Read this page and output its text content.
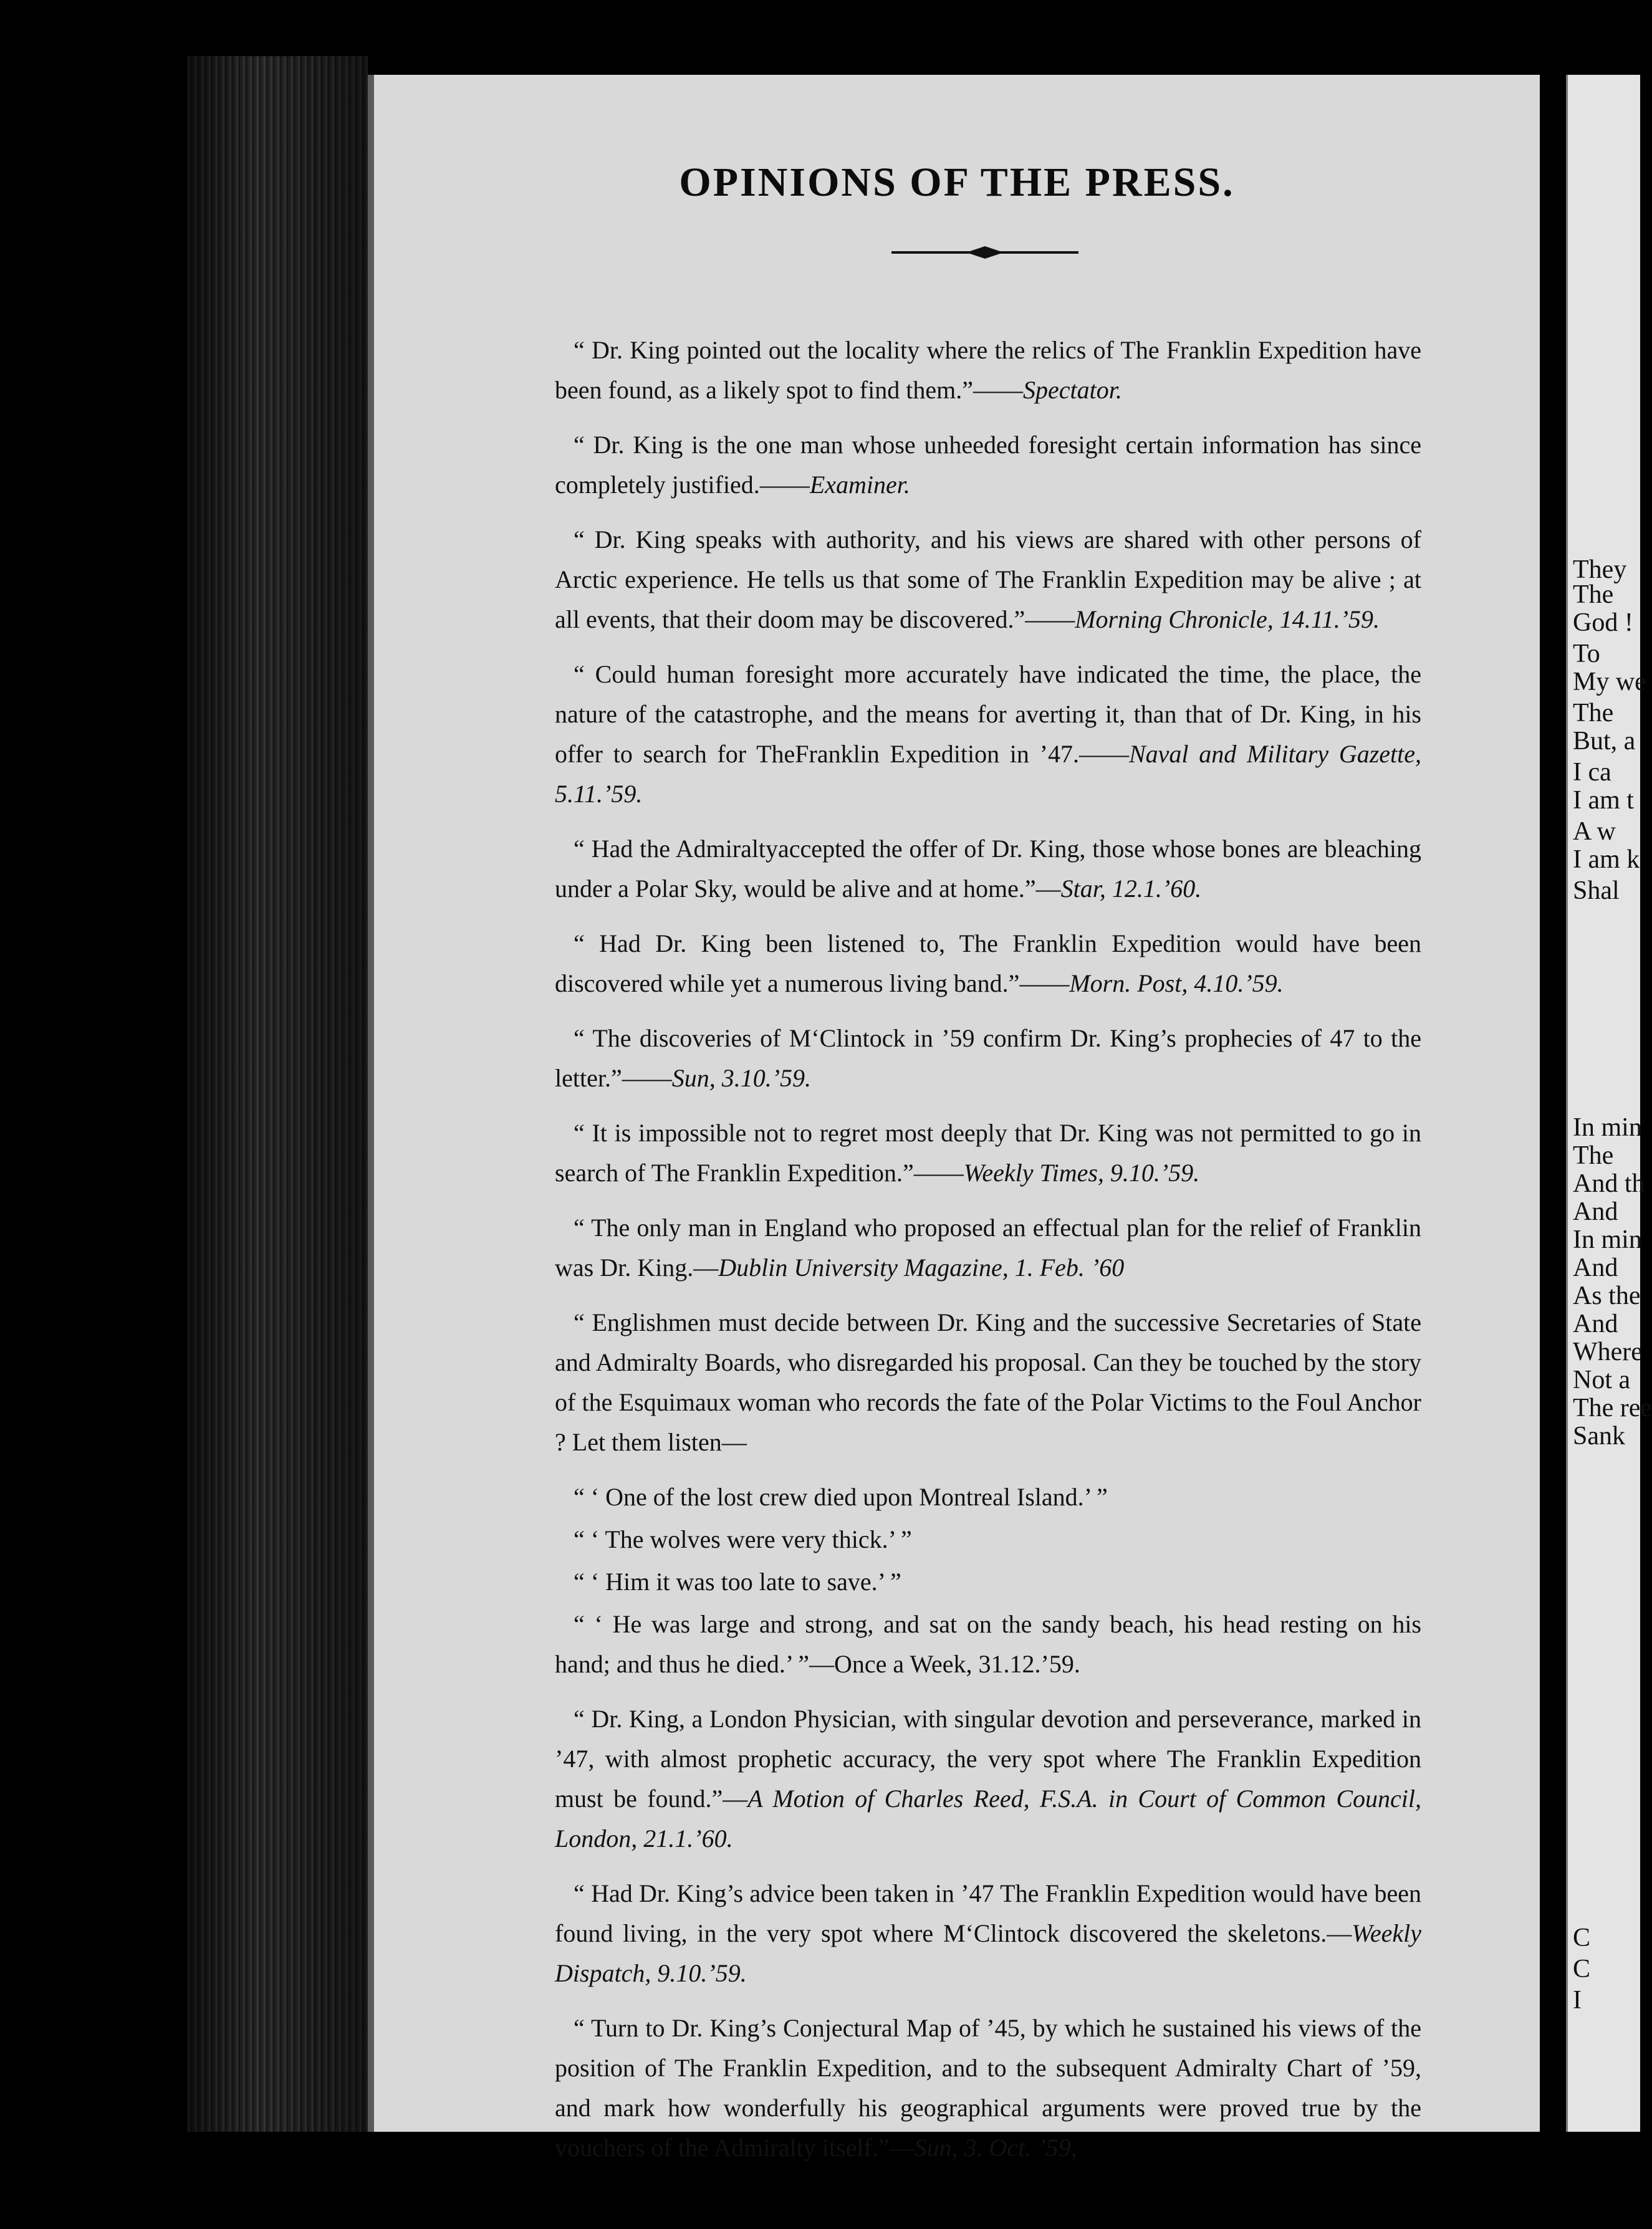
OPINIONS OF THE PRESS.

“ Dr. King pointed out the locality where the relics of The Franklin Expedition have been found, as a likely spot to find them.”——Spectator.

“ Dr. King is the one man whose unheeded foresight certain information has since completely justified.——Examiner.

“ Dr. King speaks with authority, and his views are shared with other persons of Arctic experience. He tells us that some of The Franklin Expedition may be alive ; at all events, that their doom may be discovered.”——Morning Chronicle, 14.11.’59.

“ Could human foresight more accurately have indicated the time, the place, the nature of the catastrophe, and the means for averting it, than that of Dr. King, in his offer to search for TheFranklin Expedition in ’47.——Naval and Military Gazette, 5.11.’59.

“ Had the Admiraltyaccepted the offer of Dr. King, those whose bones are bleaching under a Polar Sky, would be alive and at home.”—Star, 12.1.’60.

“ Had Dr. King been listened to, The Franklin Expedition would have been discovered while yet a numerous living band.”——Morn. Post, 4.10.’59.

“ The discoveries of M‘Clintock in ’59 confirm Dr. King’s prophecies of 47 to the letter.”——Sun, 3.10.’59.

“ It is impossible not to regret most deeply that Dr. King was not permitted to go in search of The Franklin Expedition.”——Weekly Times, 9.10.’59.

“ The only man in England who proposed an effectual plan for the relief of Franklin was Dr. King.—Dublin University Magazine, 1. Feb. ’60

“ Englishmen must decide between Dr. King and the successive Secretaries of State and Admiralty Boards, who disregarded his proposal. Can they be touched by the story of the Esquimaux woman who records the fate of the Polar Victims to the Foul Anchor ? Let them listen—

“ ‘ One of the lost crew died upon Montreal Island.’ ”

“ ‘ The wolves were very thick.’ ”

“ ‘ Him it was too late to save.’ ”

“ ‘ He was large and strong, and sat on the sandy beach, his head resting on his hand; and thus he died.’ ”—Once a Week, 31.12.’59.

“ Dr. King, a London Physician, with singular devotion and perseverance, marked in ’47, with almost prophetic accuracy, the very spot where The Franklin Expedition must be found.”—A Motion of Charles Reed, F.S.A. in Court of Common Council, London, 21.1.’60.

“ Had Dr. King’s advice been taken in ’47 The Franklin Expedition would have been found living, in the very spot where M‘Clintock discovered the skeletons.—Weekly Dispatch, 9.10.’59.

“ Turn to Dr. King’s Conjectural Map of ’45, by which he sustained his views of the position of The Franklin Expedition, and to the subsequent Admiralty Chart of ’59, and mark how wonderfully his geographical arguments were proved true by the vouchers of the Admiralty itself.”—Sun, 3. Oct. ’59,

They
The
God !
To
My we
The
But, a
I ca
I am t
A w
I am k
Shal
In min
The
And th
And
In min
And
As the
And
Where
Not a
The ree
Sank
C
C
I
